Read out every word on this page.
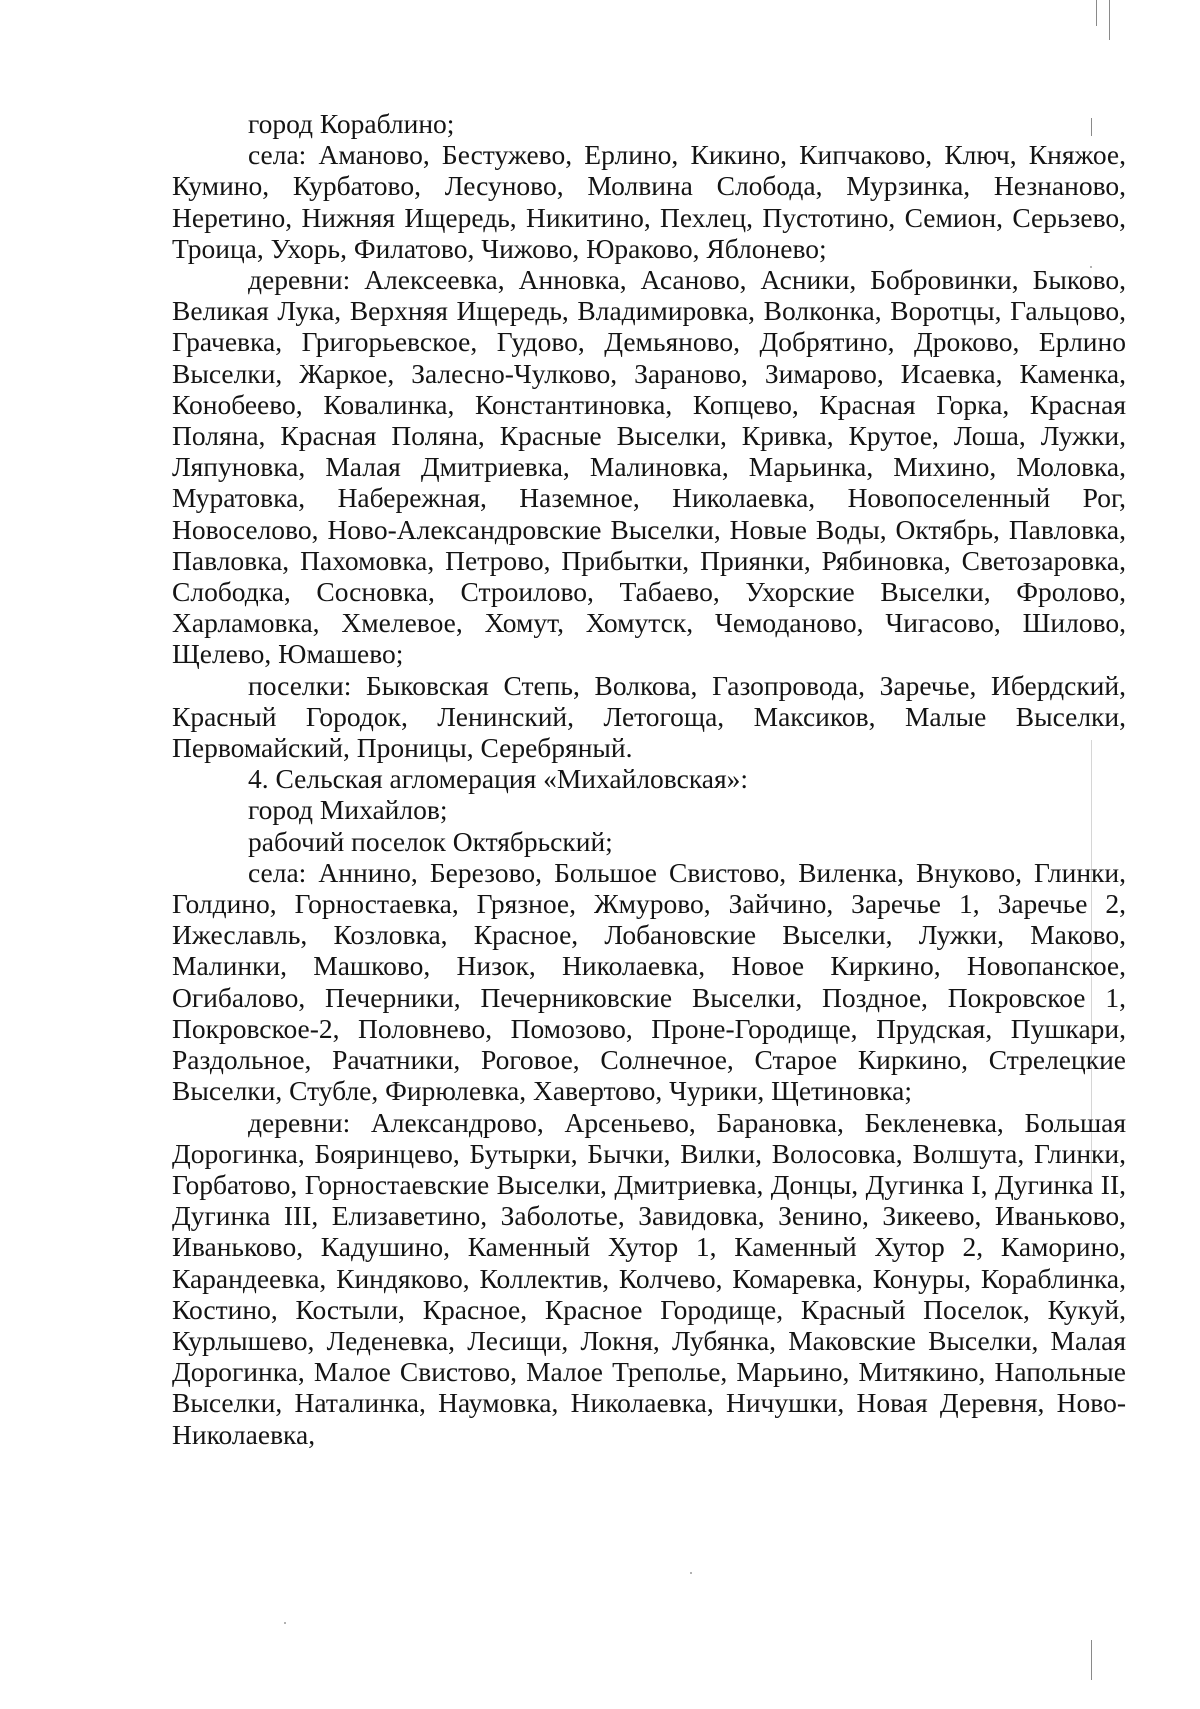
город Кораблино;

села: Аманово, Бестужево, Ерлино, Кикино, Кипчаково, Ключ, Княжое, Кумино, Курбатово, Лесуново, Молвина Слобода, Мурзинка, Незнаново, Неретино, Нижняя Ищередь, Никитино, Пехлец, Пустотино, Семион, Серьзево, Троица, Ухорь, Филатово, Чижово, Юраково, Яблонево;

деревни: Алексеевка, Анновка, Асаново, Асники, Бобровинки, Быково, Великая Лука, Верхняя Ищередь, Владимировка, Волконка, Воротцы, Гальцово, Грачевка, Григорьевское, Гудово, Демьяново, Добрятино, Дроково, Ерлино Выселки, Жаркое, Залесно-Чулково, Зараново, Зимарово, Исаевка, Каменка, Конобеево, Ковалинка, Константиновка, Копцево, Красная Горка, Красная Поляна, Красная Поляна, Красные Выселки, Кривка, Крутое, Лоша, Лужки, Ляпуновка, Малая Дмитриевка, Малиновка, Марьинка, Михино, Моловка, Муратовка, Набережная, Наземное, Николаевка, Новопоселенный Рог, Новоселово, Ново-Александровские Выселки, Новые Воды, Октябрь, Павловка, Павловка, Пахомовка, Петрово, Прибытки, Приянки, Рябиновка, Светозаровка, Слободка, Сосновка, Строилово, Табаево, Ухорские Выселки, Фролово, Харламовка, Хмелевое, Хомут, Хомутск, Чемоданово, Чигасово, Шилово, Щелево, Юмашево;

поселки: Быковская Степь, Волкова, Газопровода, Заречье, Ибердский, Красный Городок, Ленинский, Летогоща, Максиков, Малые Выселки, Первомайский, Проницы, Серебряный.

4. Сельская агломерация «Михайловская»:

город Михайлов;

рабочий поселок Октябрьский;

села: Аннино, Березово, Большое Свистово, Виленка, Внуково, Глинки, Голдино, Горностаевка, Грязное, Жмурово, Зайчино, Заречье 1, Заречье 2, Ижеславль, Козловка, Красное, Лобановские Выселки, Лужки, Маково, Малинки, Машково, Низок, Николаевка, Новое Киркино, Новопанское, Огибалово, Печерники, Печерниковские Выселки, Поздное, Покровское 1, Покровское-2, Половнево, Помозово, Проне-Городище, Прудская, Пушкари, Раздольное, Рачатники, Роговое, Солнечное, Старое Киркино, Стрелецкие Выселки, Стубле, Фирюлевка, Хавертово, Чурики, Щетиновка;

деревни: Александрово, Арсеньево, Барановка, Бекленевка, Большая Дорогинка, Бояринцево, Бутырки, Бычки, Вилки, Волосовка, Волшута, Глинки, Горбатово, Горностаевские Выселки, Дмитриевка, Донцы, Дугинка I, Дугинка II, Дугинка III, Елизаветино, Заболотье, Завидовка, Зенино, Зикеево, Иваньково, Иваньково, Кадушино, Каменный Хутор 1, Каменный Хутор 2, Каморино, Карандеевка, Киндяково, Коллектив, Колчево, Комаревка, Конуры, Кораблинка, Костино, Костыли, Красное, Красное Городище, Красный Поселок, Кукуй, Курлышево, Леденевка, Лесищи, Локня, Лубянка, Маковские Выселки, Малая Дорогинка, Малое Свистово, Малое Треполье, Марьино, Митякино, Напольные Выселки, Наталинка, Наумовка, Николаевка, Ничушки, Новая Деревня, Ново-Николаевка,
